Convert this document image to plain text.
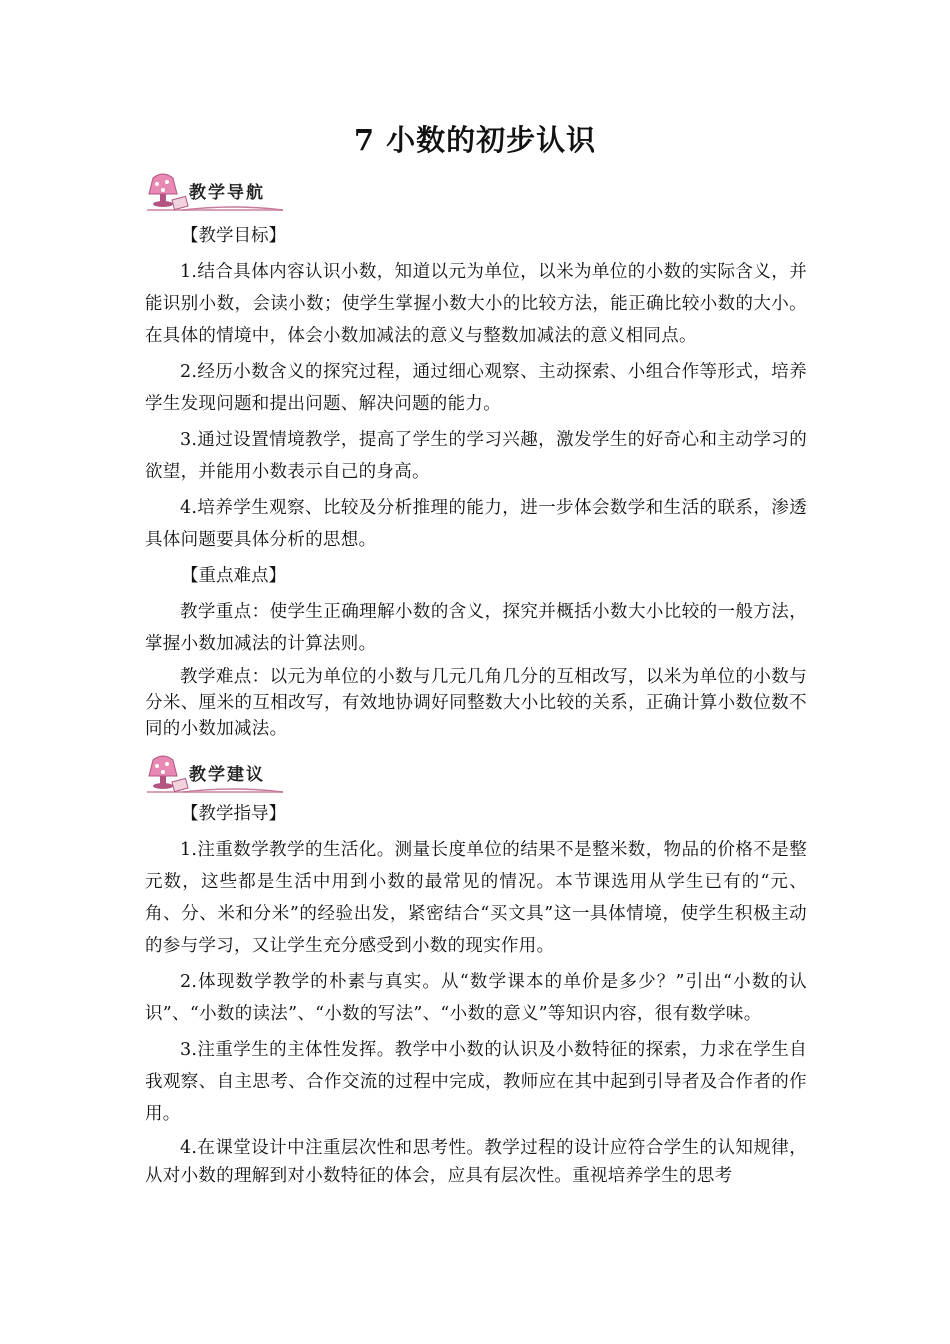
7 小数的初步认识
教学导航

【教学目标】

1.结合具体内容认识小数，知道以元为单位，以米为单位的小数的实际含义，并能识别小数，会读小数；使学生掌握小数大小的比较方法，能正确比较小数的大小。在具体的情境中，体会小数加减法的意义与整数加减法的意义相同点。

2.经历小数含义的探究过程，通过细心观察、主动探索、小组合作等形式，培养学生发现问题和提出问题、解决问题的能力。

3.通过设置情境教学，提高了学生的学习兴趣，激发学生的好奇心和主动学习的欲望，并能用小数表示自己的身高。

4.培养学生观察、比较及分析推理的能力，进一步体会数学和生活的联系，渗透具体问题要具体分析的思想。

【重点难点】

教学重点：使学生正确理解小数的含义，探究并概括小数大小比较的一般方法，掌握小数加减法的计算法则。

教学难点：以元为单位的小数与几元几角几分的互相改写，以米为单位的小数与分米、厘米的互相改写，有效地协调好同整数大小比较的关系，正确计算小数位数不同的小数加减法。

教学建议

【教学指导】

1.注重数学教学的生活化。测量长度单位的结果不是整米数，物品的价格不是整元数，这些都是生活中用到小数的最常见的情况。本节课选用从学生已有的“元、角、分、米和分米”的经验出发，紧密结合“买文具”这一具体情境，使学生积极主动的参与学习，又让学生充分感受到小数的现实作用。

2.体现数学教学的朴素与真实。从“数学课本的单价是多少？”引出“小数的认识”、“小数的读法”、“小数的写法”、“小数的意义”等知识内容，很有数学味。

3.注重学生的主体性发挥。教学中小数的认识及小数特征的探索，力求在学生自我观察、自主思考、合作交流的过程中完成，教师应在其中起到引导者及合作者的作用。

4.在课堂设计中注重层次性和思考性。教学过程的设计应符合学生的认知规律，从对小数的理解到对小数特征的体会，应具有层次性。重视培养学生的思考
